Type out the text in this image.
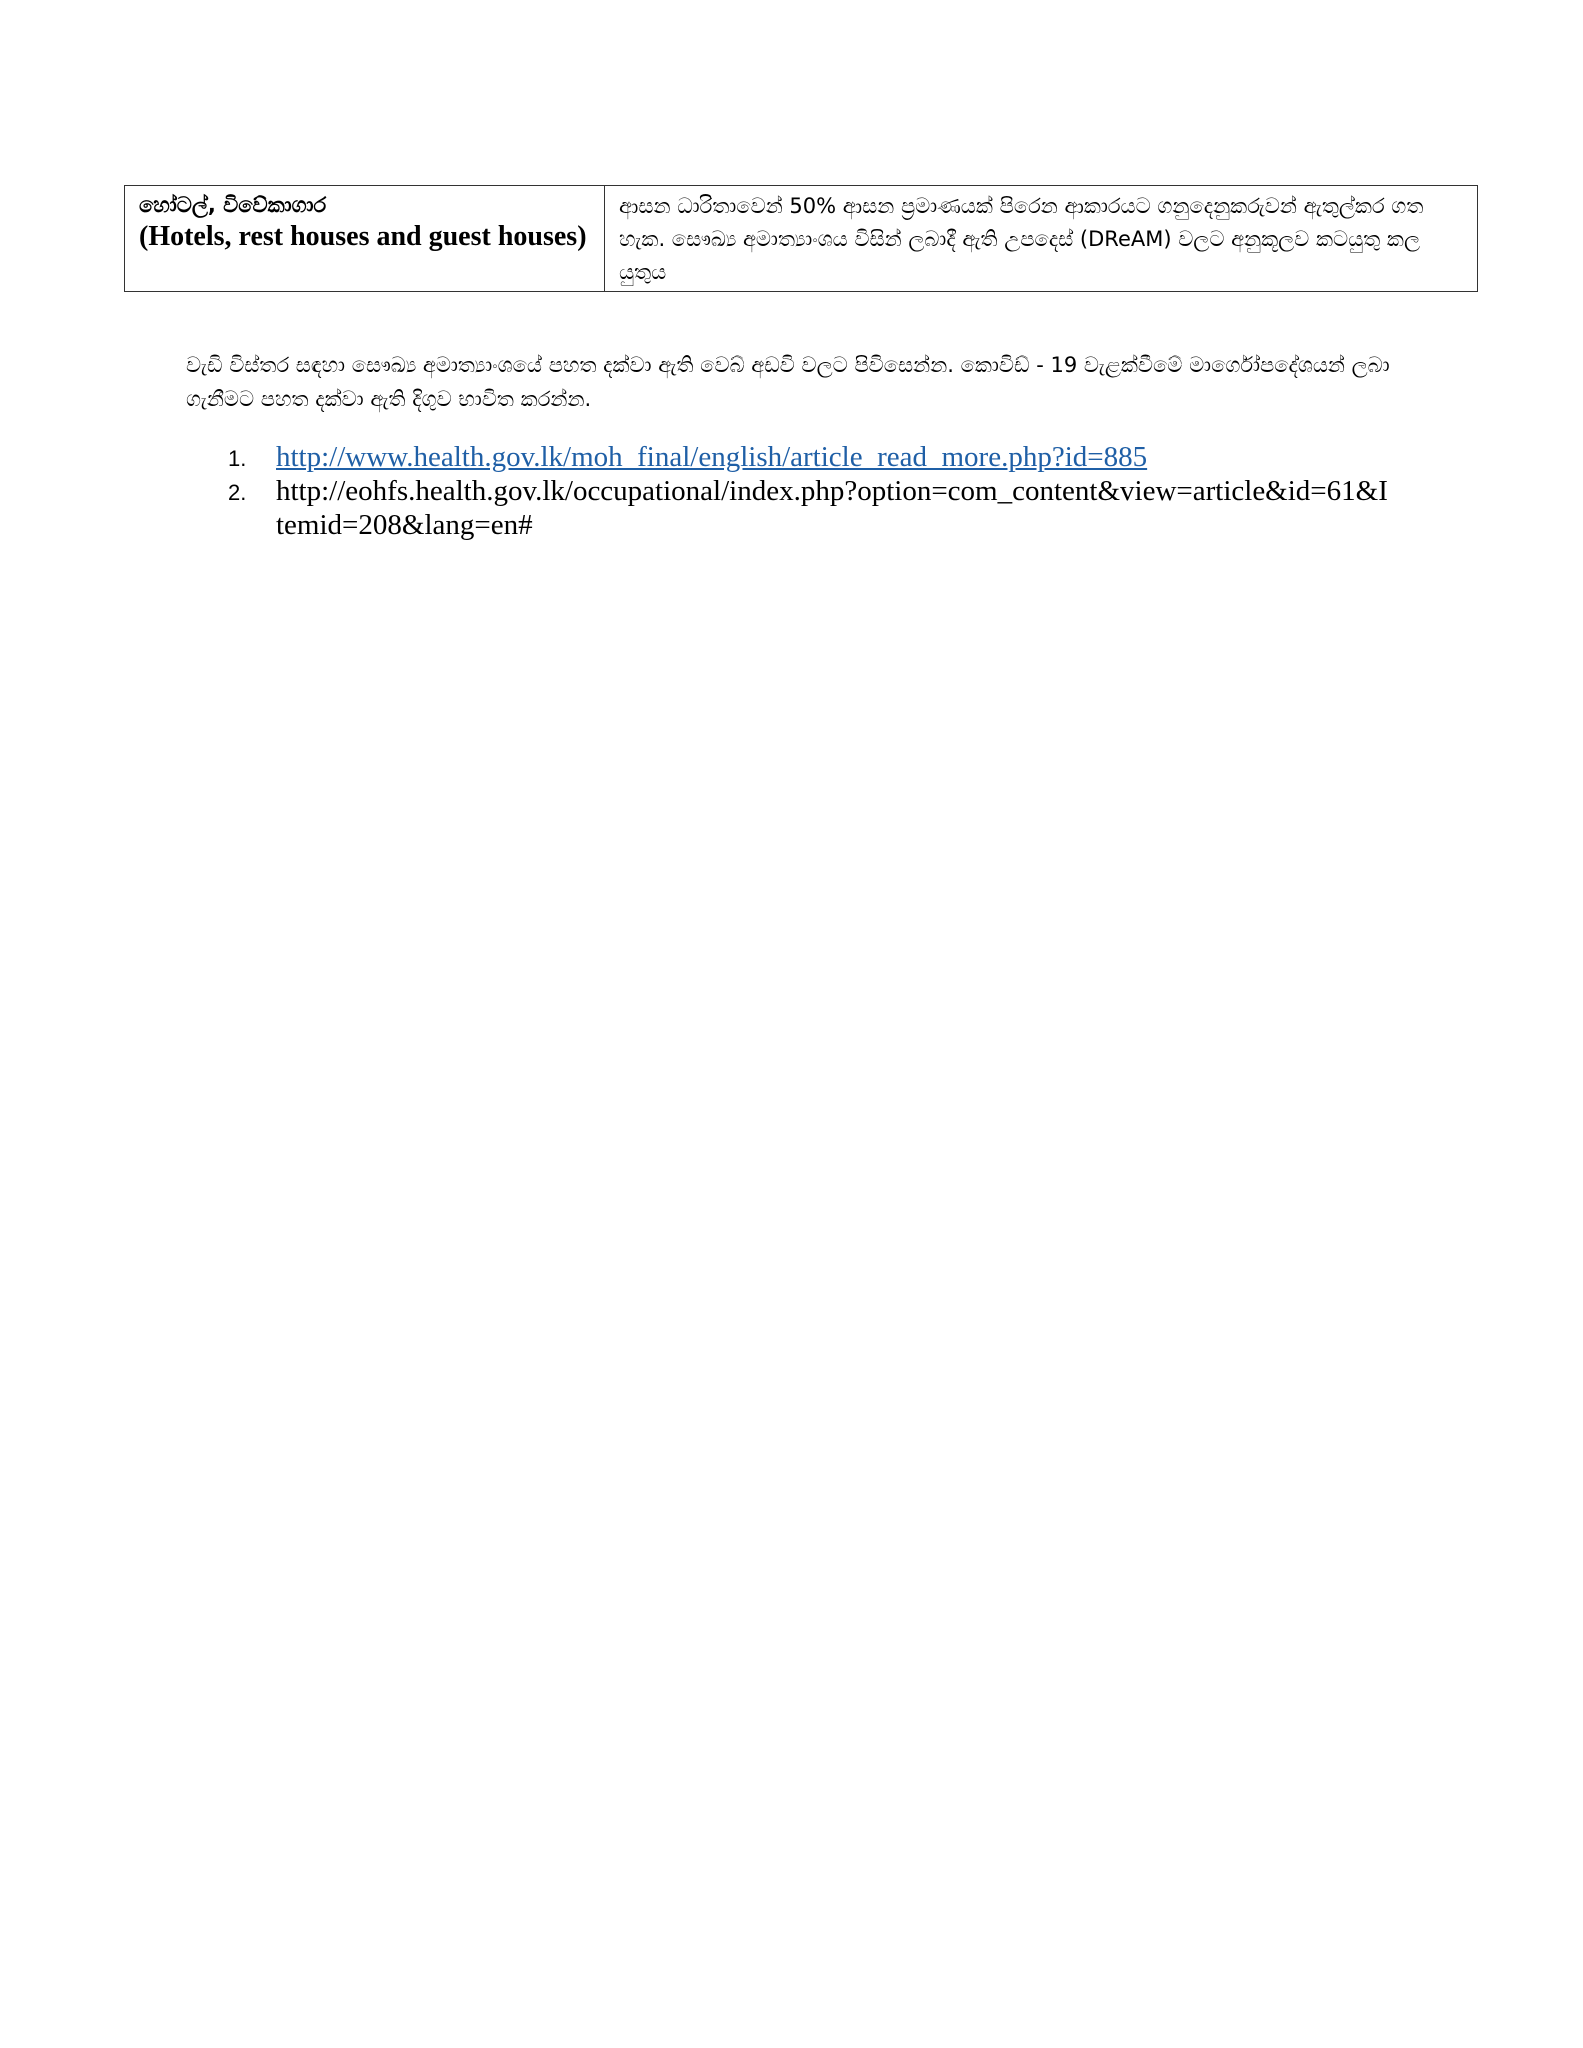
හෝටල්, විවේකාගාර
(Hotels, rest houses and guest houses)

ආසන ධාරිතාවෙන් 50% ආසන ප්‍රමාණයක් පිරෙන ආකාරයට ගනුදෙනුකරුවන් ඇතුල්කර ගත හැක. සෞඛ්‍ය අමාත්‍යාංශය විසින් ලබාදී ඇති උපදෙස් (DReAM) වලට අනුකූලව කටයුතු කල යුතුය
වැඩි විස්තර සඳහා සෞඛ්‍ය අමාත්‍යාංශයේ පහත දක්වා ඇති වෙබ් අඩවි වලට පිවිසෙන්න. කොවිඩ් - 19 වැළක්වීමේ මාර්ගෝපදේශයන් ලබා ගැනීමට පහත දක්වා ඇති දිගුව භාවිත කරන්න.
1. http://www.health.gov.lk/moh_final/english/article_read_more.php?id=885
2. http://eohfs.health.gov.lk/occupational/index.php?option=com_content&view=article&id=61&Itemid=208&lang=en#
